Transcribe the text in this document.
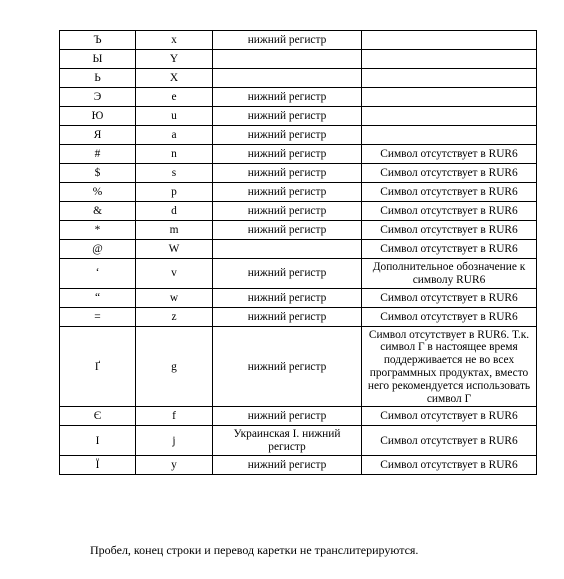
Ъ	x	нижний регистр	
Ы	Y		
Ь	X		
Э	e	нижний регистр	
Ю	u	нижний регистр	
Я	a	нижний регистр	
#	n	нижний регистр	Символ отсутствует в RUR6
$	s	нижний регистр	Символ отсутствует в RUR6
%	p	нижний регистр	Символ отсутствует в RUR6
&	d	нижний регистр	Символ отсутствует в RUR6
*	m	нижний регистр	Символ отсутствует в RUR6
@	W		Символ отсутствует в RUR6
‘	v	нижний регистр	Дополнительное обозначение к символу RUR6
“	w	нижний регистр	Символ отсутствует в RUR6
=	z	нижний регистр	Символ отсутствует в RUR6
Ґ	g	нижний регистр	Символ отсутствует в RUR6. Т.к. символ Г в настоящее время поддерживается не во всех программных продуктах, вместо него рекомендуется использовать символ Г
Є	f	нижний регистр	Символ отсутствует в RUR6
I	j	Украинская I. нижний регистр	Символ отсутствует в RUR6
Ї	y	нижний регистр	Символ отсутствует в RUR6
Пробел, конец строки и перевод каретки не транслитерируются.
